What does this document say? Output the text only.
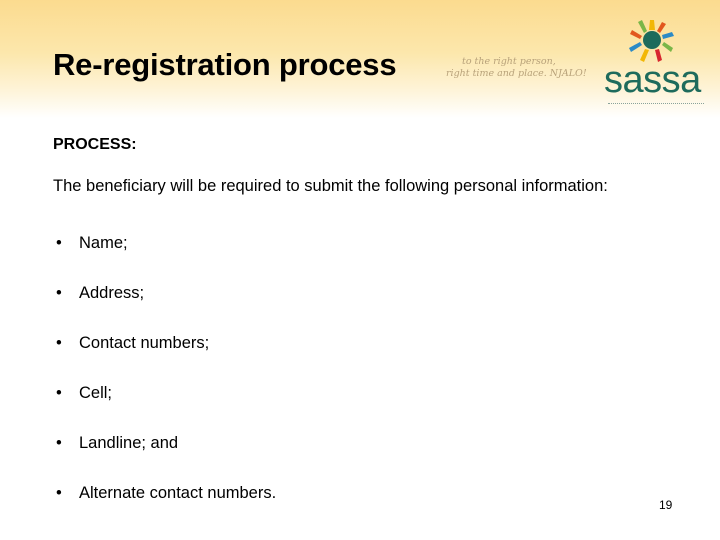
Re-registration process	to the right person,
right time and place. NJALO! sassa
PROCESS:
The beneficiary will be required to submit the following personal information:
• Name;
• Address;
• Contact numbers;
• Cell;
• Landline; and
• Alternate contact numbers.
19
